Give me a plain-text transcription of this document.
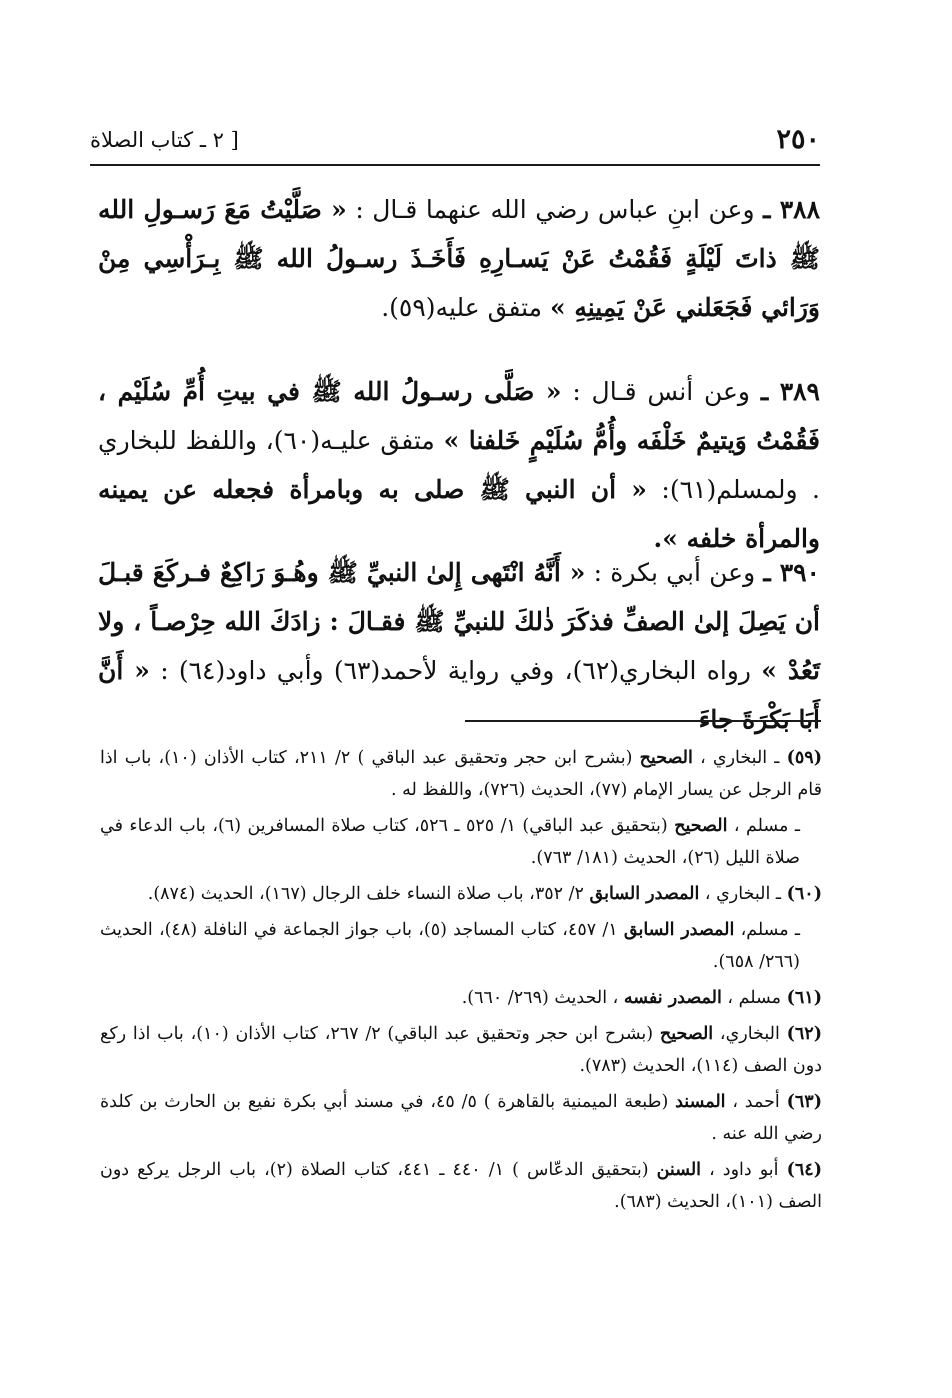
٢٥٠
[ ٢ ـ كتاب الصلاة
٣٨٨ ـ وعن ابنِ عباس رضي الله عنهما قـال : « صَلَّيْتُ مَعَ رَسـولِ الله ﷺ ذاتَ لَيْلَةٍ فَقُمْتُ عَنْ يَسـارِهِ فَأَخَـذَ رسـولُ الله ﷺ بِـرَأْسِي مِنْ وَرَائي فَجَعَلني عَنْ يَمِينِهِ » متفق عليه(٥٩).
٣٨٩ ـ وعن أنس قـال : « صَلَّى رسـولُ الله ﷺ في بيتِ أُمِّ سُلَيْم ، فَقُمْتُ وَيتيمٌ خَلْفَه وأُمُّ سُلَيْمٍ خَلفنا » متفق عليـه(٦٠)، واللفظ للبخاري . ولمسلم(٦١): « أن النبي ﷺ صلى به وبامرأة فجعله عن يمينه والمرأة خلفه ».
٣٩٠ ـ وعن أبي بكرة : « أَنَّهُ انْتَهى إِلىٰ النبيِّ ﷺ وهُـوَ رَاكِعٌ فـركَعَ قبـلَ أن يَصِلَ إلىٰ الصفِّ فذكَرَ ذٰلكَ للنبيِّ ﷺ فقـالَ : زادَكَ الله حِرْصـاً ، ولا تَعُدْ » رواه البخاري(٦٢)، وفي رواية لأحمد(٦٣) وأبي داود(٦٤) : « أَنَّ أَبَا بَكْرَةَ جاءَ
(٥٩) ـ البخاري ، الصحيح (بشرح ابن حجر وتحقيق عبد الباقي ) ٢/ ٢١١، كتاب الأذان (١٠)، باب اذا قام الرجل عن يسار الإمام (٧٧)، الحديث (٧٢٦)، واللفظ له .
ـ مسلم ، الصحيح (بتحقيق عبد الباقي) ١/ ٥٢٥ ـ ٥٢٦، كتاب صلاة المسافرين (٦)، باب الدعاء في صلاة الليل (٢٦)، الحديث (١٨١/ ٧٦٣).
(٦٠) ـ البخاري ، المصدر السابق ٢/ ٣٥٢، باب صلاة النساء خلف الرجال (١٦٧)، الحديث (٨٧٤).
ـ مسلم، المصدر السابق ١/ ٤٥٧، كتاب المساجد (٥)، باب جواز الجماعة في النافلة (٤٨)، الحديث (٢٦٦/ ٦٥٨).
(٦١) مسلم ، المصدر نفسه ، الحديث (٢٦٩/ ٦٦٠).
(٦٢) البخاري، الصحيح (بشرح ابن حجر وتحقيق عبد الباقي) ٢/ ٢٦٧، كتاب الأذان (١٠)، باب اذا ركع دون الصف (١١٤)، الحديث (٧٨٣).
(٦٣) أحمد ، المسند (طبعة الميمنية بالقاهرة ) ٥/ ٤٥، في مسند أبي بكرة نفيع بن الحارث بن كلدة رضي الله عنه .
(٦٤) أبو داود ، السنن (بتحقيق الدعّاس ) ١/ ٤٤٠ ـ ٤٤١، كتاب الصلاة (٢)، باب الرجل يركع دون الصف (١٠١)، الحديث (٦٨٣).
